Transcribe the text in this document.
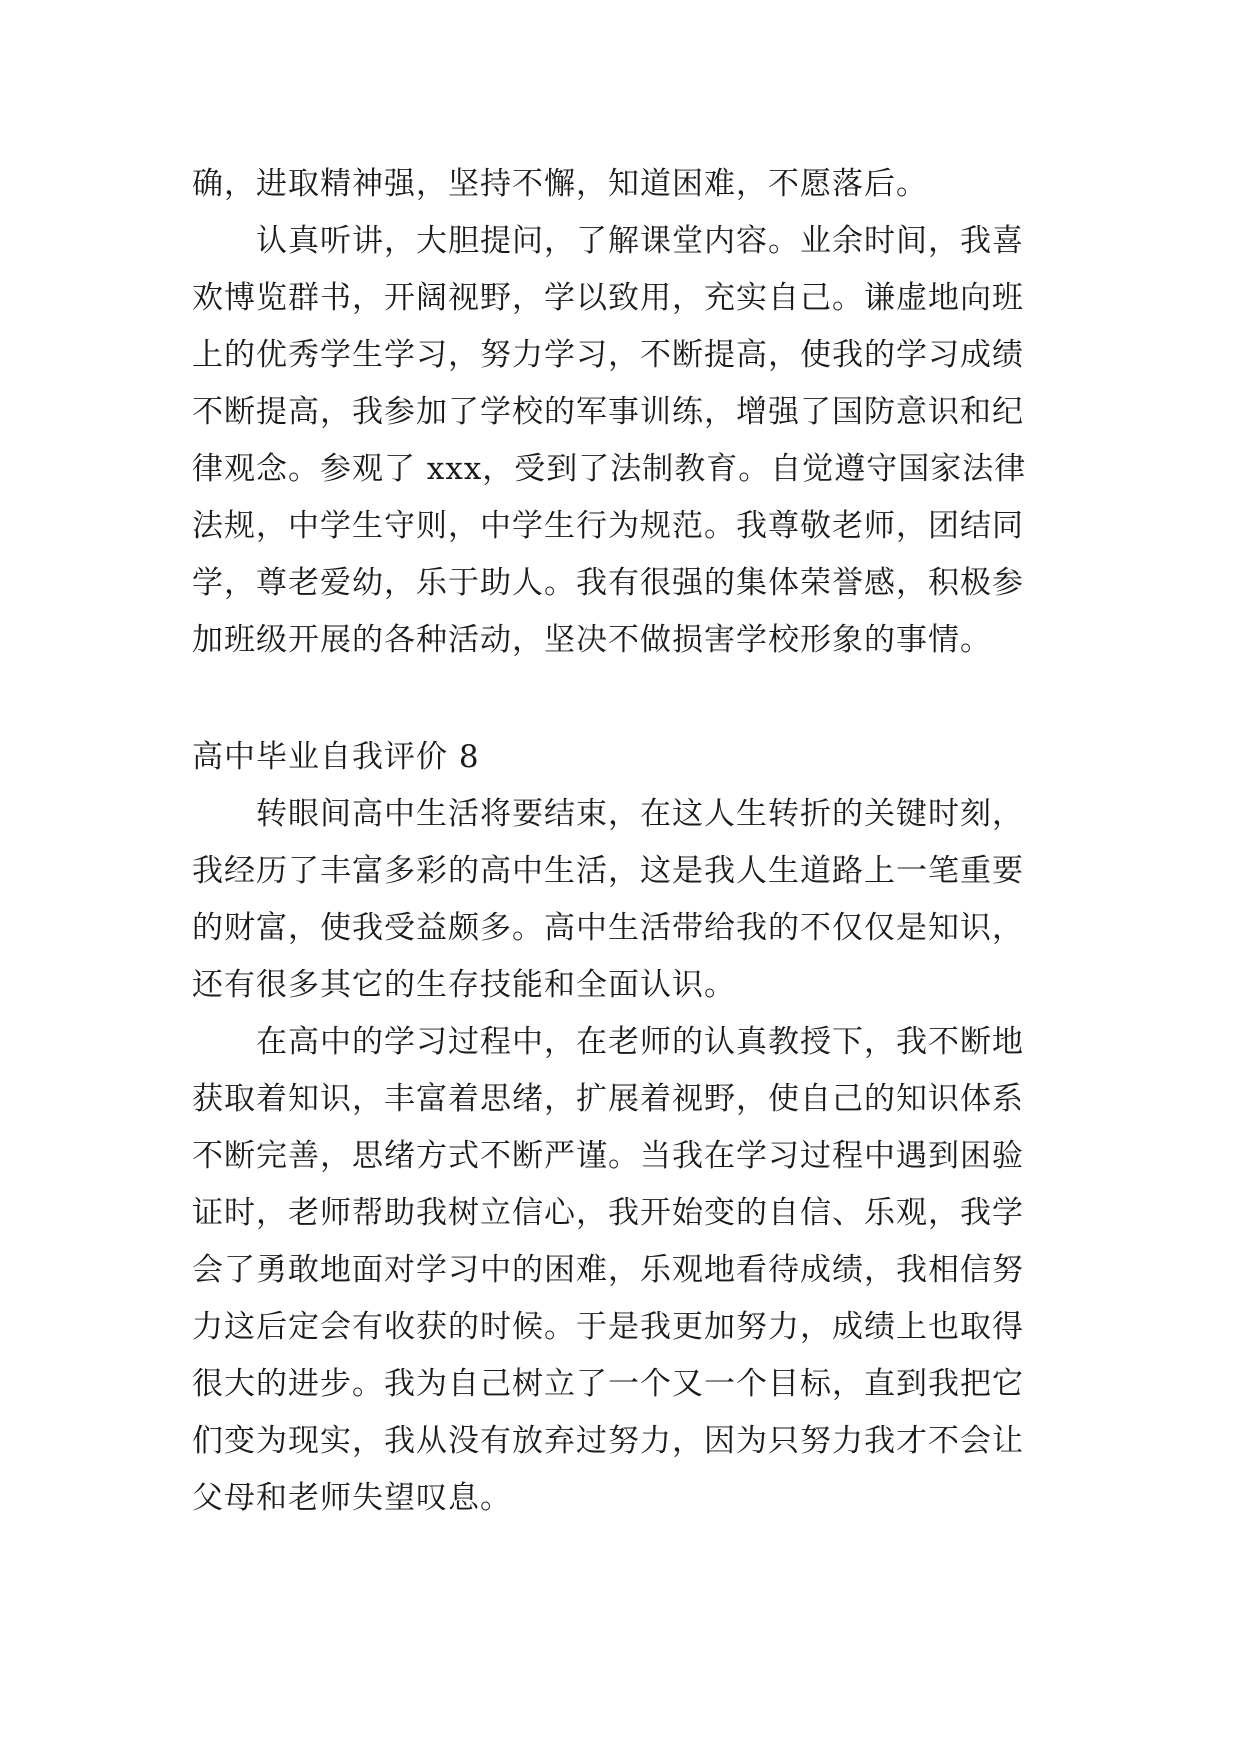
确，进取精神强，坚持不懈，知道困难，不愿落后。
认真听讲，大胆提问，了解课堂内容。业余时间，我喜
欢博览群书，开阔视野，学以致用，充实自己。谦虚地向班
上的优秀学生学习，努力学习，不断提高，使我的学习成绩
不断提高，我参加了学校的军事训练，增强了国防意识和纪
律观念。参观了 xxx，受到了法制教育。自觉遵守国家法律
法规，中学生守则，中学生行为规范。我尊敬老师，团结同
学，尊老爱幼，乐于助人。我有很强的集体荣誉感，积极参
加班级开展的各种活动，坚决不做损害学校形象的事情。
高中毕业自我评价 8
转眼间高中生活将要结束，在这人生转折的关键时刻，
我经历了丰富多彩的高中生活，这是我人生道路上一笔重要
的财富，使我受益颇多。高中生活带给我的不仅仅是知识，
还有很多其它的生存技能和全面认识。
在高中的学习过程中，在老师的认真教授下，我不断地
获取着知识，丰富着思绪，扩展着视野，使自己的知识体系
不断完善，思绪方式不断严谨。当我在学习过程中遇到困验
证时，老师帮助我树立信心，我开始变的自信、乐观，我学
会了勇敢地面对学习中的困难，乐观地看待成绩，我相信努
力这后定会有收获的时候。于是我更加努力，成绩上也取得
很大的进步。我为自己树立了一个又一个目标，直到我把它
们变为现实，我从没有放弃过努力，因为只努力我才不会让
父母和老师失望叹息。
